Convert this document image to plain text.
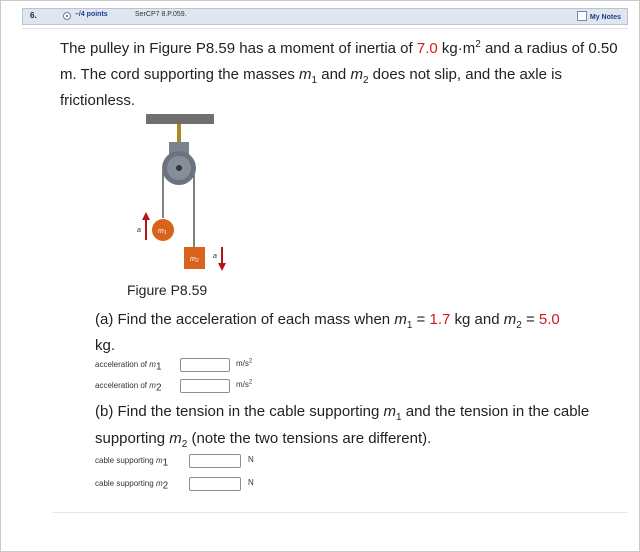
6.	–/4 points	SerCP7 8.P.059.	My Notes
The pulley in Figure P8.59 has a moment of inertia of 7.0 $kg\cdot m^2$ and a radius of 0.50 m. The cord supporting the masses $m_1$ and $m_2$ does not slip, and the axle is frictionless.
m1
m2
a
a
Figure P8.59
(a) Find the acceleration of each mass when $m_1 = 1.7$ kg and $m_2 = 5.0$
kg.
acceleration of $m_1$	$m/s^2$
acceleration of $m_2$	$m/s^2$
(b) Find the tension in the cable supporting $m_1$ and the tension in the cable supporting $m_2$ (note the two tensions are different).
cable supporting $m_1$	N
cable supporting $m_2$	N
